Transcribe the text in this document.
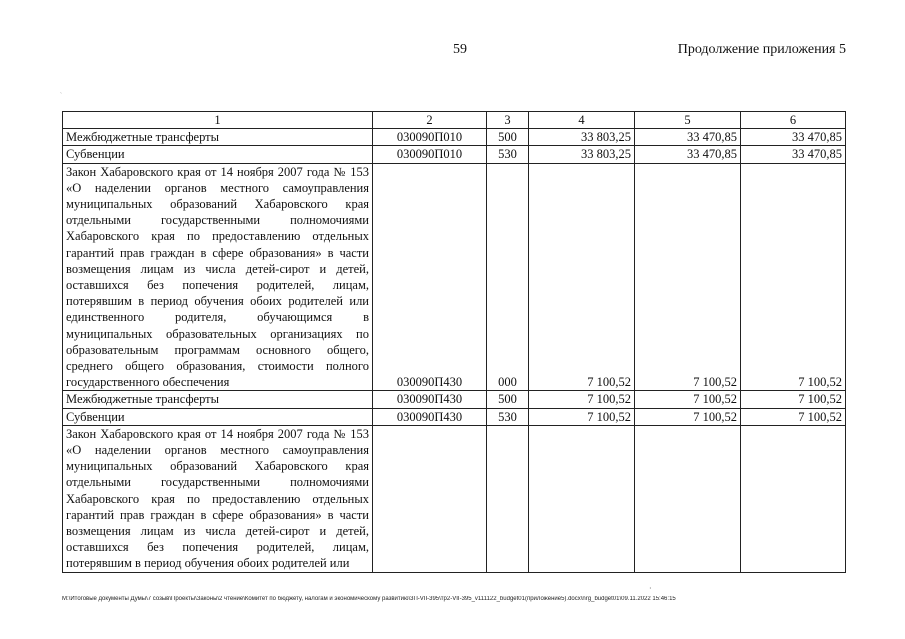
ˎ
59	Продолжение приложения 5
1	2	3	4	5	6
Межбюджетные трансферты	030090П010	500	33 803,25	33 470,85	33 470,85
Субвенции	030090П010	530	33 803,25	33 470,85	33 470,85
Закон Хабаровского края от 14 ноября 2007 года № 153 «О наделении органов местного самоуправления муниципальных образований Хабаровского края отдельными государственными полномочиями Хабаровского края по предоставлению отдельных гарантий прав граждан в сфере образования» в части возмещения лицам из числа детей-сирот и детей, оставшихся без попечения родителей, лицам, потерявшим в период обучения обоих родителей или единственного родителя, обучающимся в муниципальных образовательных организациях по образовательным программам основного общего, среднего общего образования, стоимости полного государственного обеспечения	030090П430	000	7 100,52	7 100,52	7 100,52
Межбюджетные трансферты	030090П430	500	7 100,52	7 100,52	7 100,52
Субвенции	030090П430	530	7 100,52	7 100,52	7 100,52
Закон Хабаровского края от 14 ноября 2007 года № 153 «О наделении органов местного самоуправления муниципальных образований Хабаровского края отдельными государственными полномочиями Хабаровского края по предоставлению отдельных гарантий прав граждан в сфере образования» в части возмещения лицам из числа детей-сирот и детей, оставшихся без попечения родителей, лицам, потерявшим в период обучения обоих родителей или					
·
М:\Итоговые документы Думы\7 созыв\Проекты\Законы\2 чтение\Комитет по бюджету, налогам и экономическому развитию\3П-VII-395\тр2-VII-395_v111122_budget01(приложение5).docx\nrg_budget01\09.11.2022 15:46:15
